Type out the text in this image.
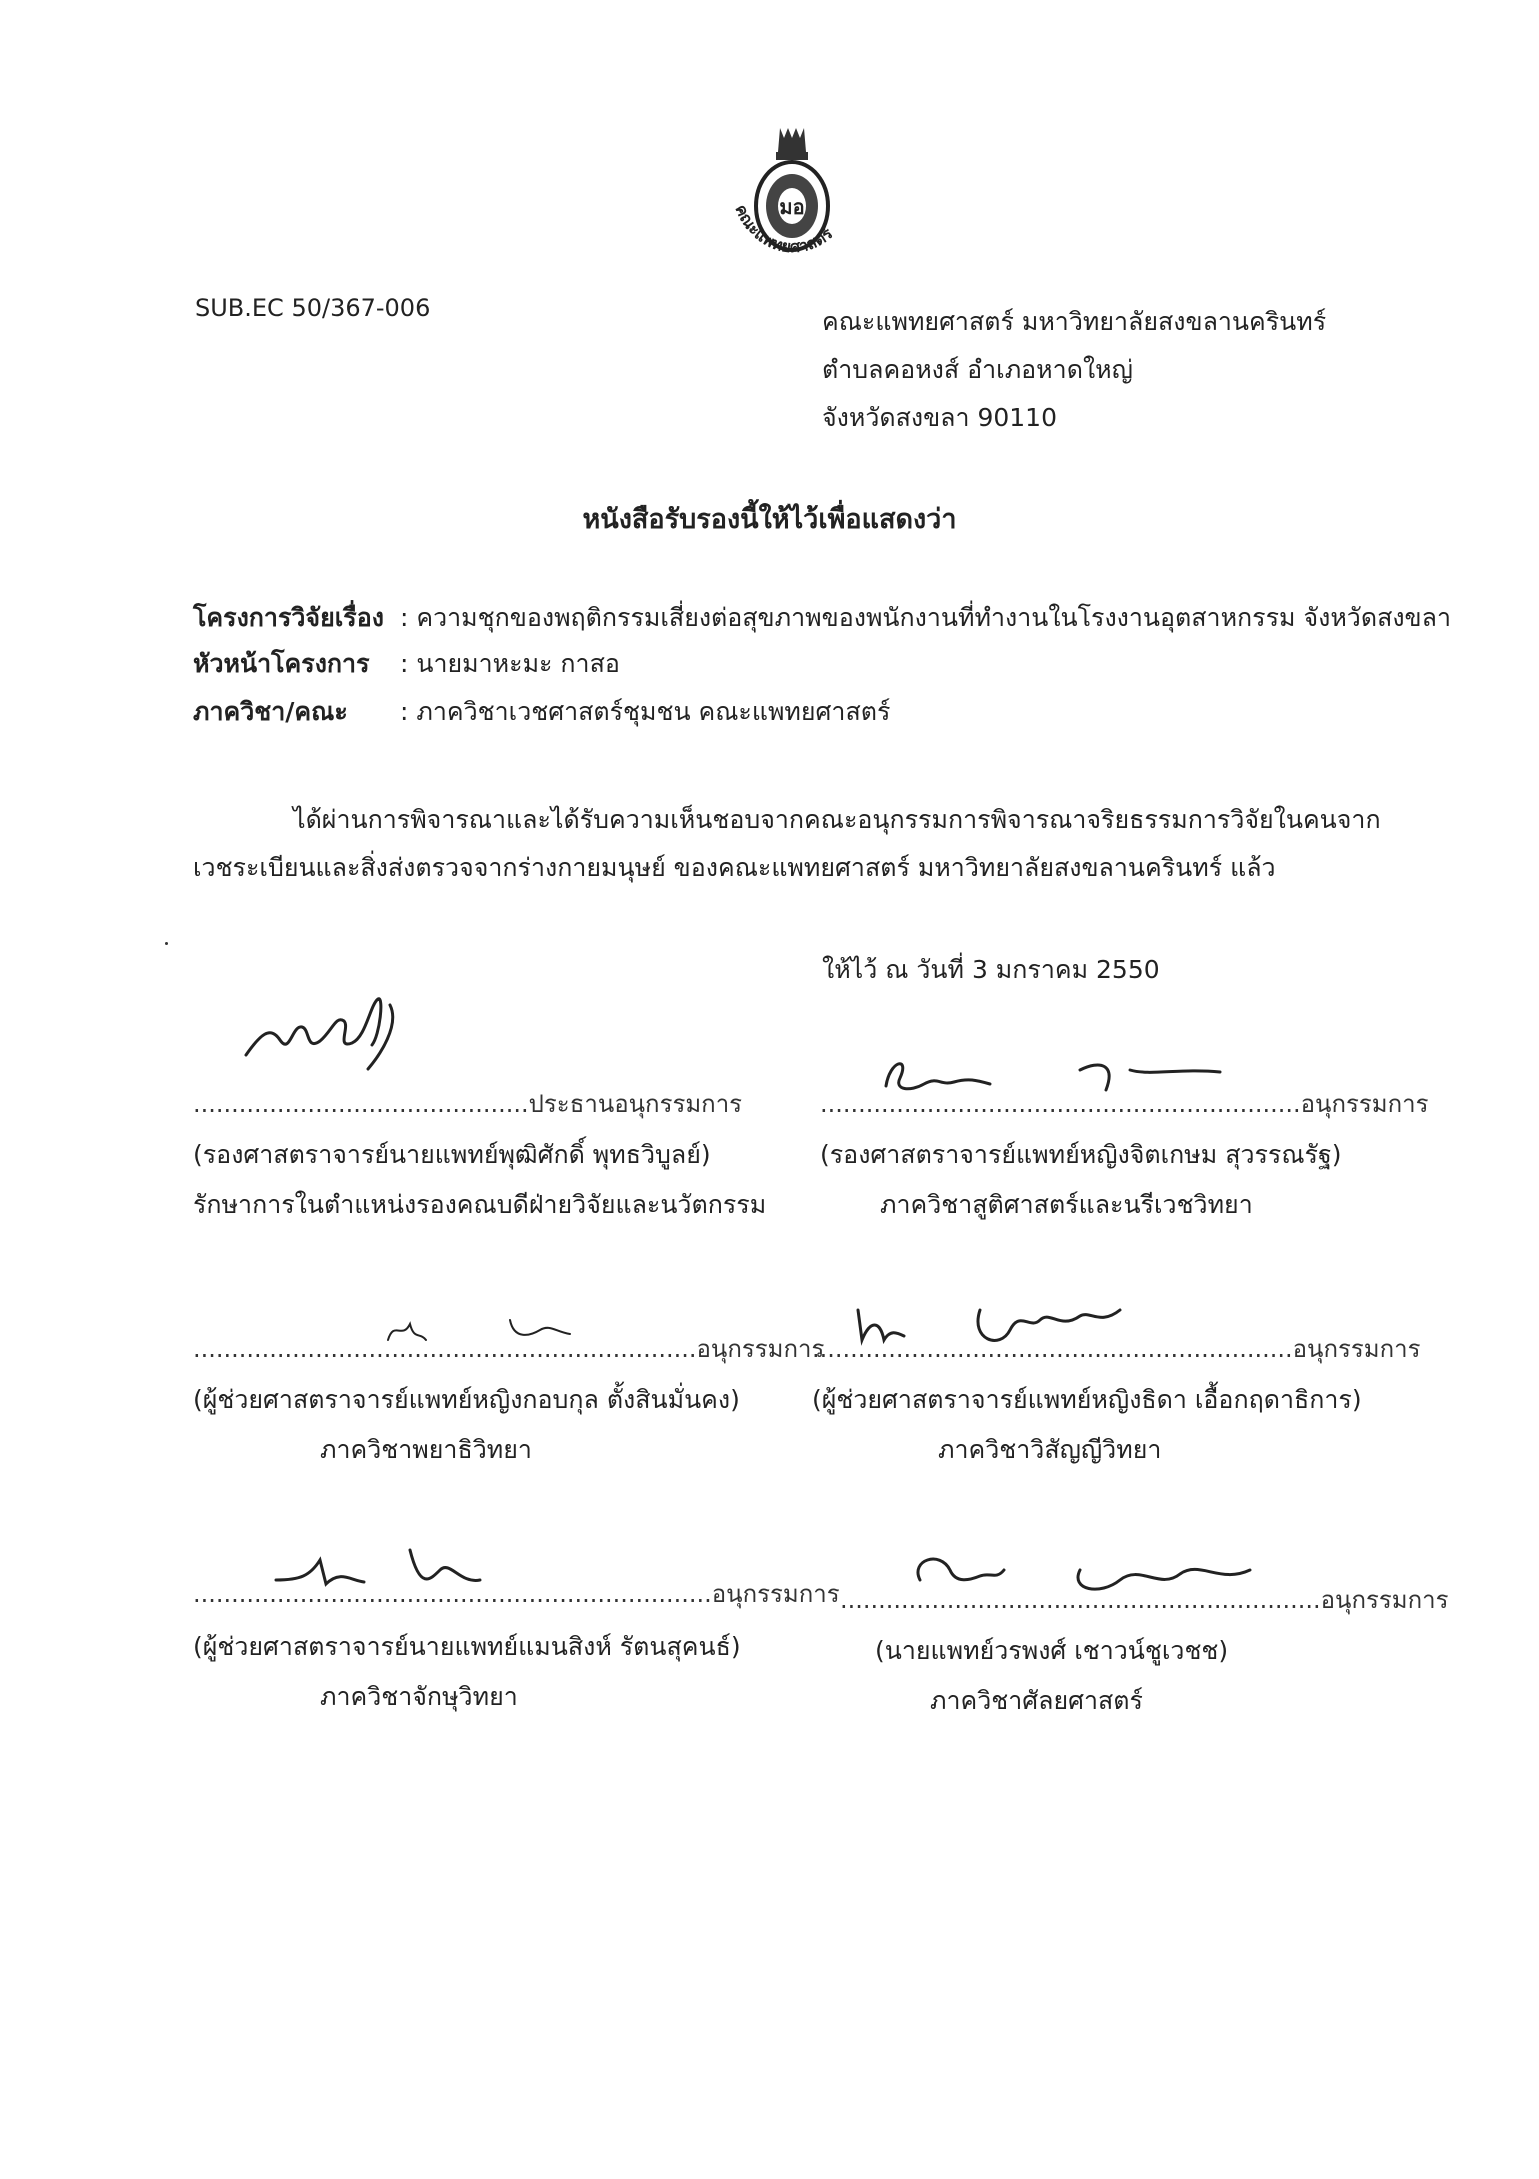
มอ
คณะแพทยศาสตร์
SUB.EC 50/367-006	คณะแพทยศาสตร์ มหาวิทยาลัยสงขลานครินทร์
ตำบลคอหงส์ อำเภอหาดใหญ่
จังหวัดสงขลา 90110
หนังสือรับรองนี้ให้ไว้เพื่อแสดงว่า
โครงการวิจัยเรื่อง : ความชุกของพฤติกรรมเสี่ยงต่อสุขภาพของพนักงานที่ทำงานในโรงงานอุตสาหกรรม จังหวัดสงขลา
หัวหน้าโครงการ : นายมาหะมะ กาสอ
ภาควิชา/คณะ : ภาควิชาเวชศาสตร์ชุมชน คณะแพทยศาสตร์
ได้ผ่านการพิจารณาและได้รับความเห็นชอบจากคณะอนุกรรมการพิจารณาจริยธรรมการวิจัยในคนจาก
เวชระเบียนและสิ่งส่งตรวจจากร่างกายมนุษย์ ของคณะแพทยศาสตร์ มหาวิทยาลัยสงขลานครินทร์ แล้ว
ให้ไว้ ณ วันที่ 3 มกราคม 2550
............................................ประธานอนุกรรมการ
(รองศาสตราจารย์นายแพทย์พุฒิศักดิ์ พุทธวิบูลย์)
รักษาการในตำแหน่งรองคณบดีฝ่ายวิจัยและนวัตกรรม
...............................................................อนุกรรมการ
(รองศาสตราจารย์แพทย์หญิงจิตเกษม สุวรรณรัฐ)
ภาควิชาสูติศาสตร์และนรีเวชวิทยา
..................................................................อนุกรรมการ
(ผู้ช่วยศาสตราจารย์แพทย์หญิงกอบกุล ตั้งสินมั่นคง)
ภาควิชาพยาธิวิทยา
...............................................................อนุกรรมการ
(ผู้ช่วยศาสตราจารย์แพทย์หญิงธิดา เอื้อกฤดาธิการ)
ภาควิชาวิสัญญีวิทยา
....................................................................อนุกรรมการ
(ผู้ช่วยศาสตราจารย์นายแพทย์แมนสิงห์ รัตนสุคนธ์)
ภาควิชาจักษุวิทยา
...............................................................อนุกรรมการ
(นายแพทย์วรพงศ์ เชาวน์ชูเวชช)
ภาควิชาศัลยศาสตร์
